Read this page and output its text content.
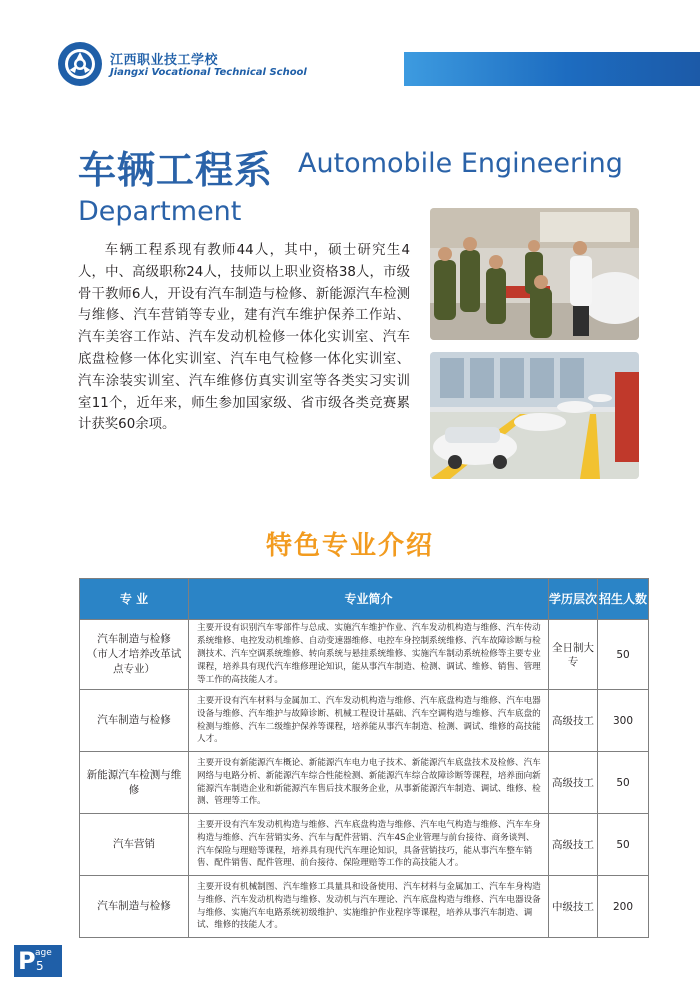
江西职业技工学校
Jiangxi Vocational Technical School
车辆工程系 Automobile Engineering
Department

车辆工程系现有教师44人，其中，硕士研究生4人，中、高级职称24人，技师以上职业资格38人，市级骨干教师6人，开设有汽车制造与检修、新能源汽车检测与维修、汽车营销等专业，建有汽车维护保养工作站、汽车美容工作站、汽车发动机检修一体化实训室、汽车底盘检修一体化实训室、汽车电气检修一体化实训室、汽车涂装实训室、汽车维修仿真实训室等各类实习实训室11个，近年来，师生参加国家级、省市级各类竞赛累计获奖60余项。

特色专业介绍
专 业	专业简介	学历层次	招生人数

汽车制造与检修
（市人才培养改革试点专业）	主要开设有识别汽车零部件与总成、实施汽车维护作业、汽车发动机构造与维修、汽车传动系统维修、电控发动机维修、自动变速器维修、电控车身控制系统维修、汽车故障诊断与检测技术、汽车空调系统维修、转向系统与悬挂系统维修、实施汽车制动系统检修等主要专业课程，培养具有现代汽车维修理论知识，能从事汽车制造、检测、调试、维修、销售、管理等工作的高技能人才。	全日制大专	50

汽车制造与检修	主要开设有汽车材料与金属加工、汽车发动机构造与维修、汽车底盘构造与维修、汽车电器设备与维修、汽车维护与故障诊断、机械工程设计基础、汽车空调构造与维修、汽车底盘的检测与维修、汽车二级维护保养等课程，培养能从事汽车制造、检测、调试、维修的高技能人才。	高级技工	300

新能源汽车检测与维修	主要开设有新能源汽车概论、新能源汽车电力电子技术、新能源汽车底盘技术及检修、汽车网络与电路分析、新能源汽车综合性能检测、新能源汽车综合故障诊断等课程，培养面向新能源汽车制造企业和新能源汽车售后技术服务企业，从事新能源汽车制造、调试、维修、检测、管理等工作。	高级技工	50

汽车营销	主要开设有汽车发动机构造与维修、汽车底盘构造与维修、汽车电气构造与维修、汽车车身构造与维修、汽车营销实务、汽车与配件营销、汽车4S企业管理与前台接待、商务谈判、汽车保险与理赔等课程，培养具有现代汽车理论知识，具备营销技巧，能从事汽车整车销售、配件销售、配件管理、前台接待、保险理赔等工作的高技能人才。	高级技工	50

汽车制造与检修	主要开设有机械制图、汽车维修工具量具和设备使用、汽车材料与金属加工、汽车车身构造与维修、汽车发动机构造与维修、发动机与汽车理论、汽车底盘构造与维修、汽车电器设备与维修、实施汽车电路系统初级维护、实施维护作业程序等课程，培养从事汽车制造、调试、维修的技能人才。	中级技工	200
P age
5
